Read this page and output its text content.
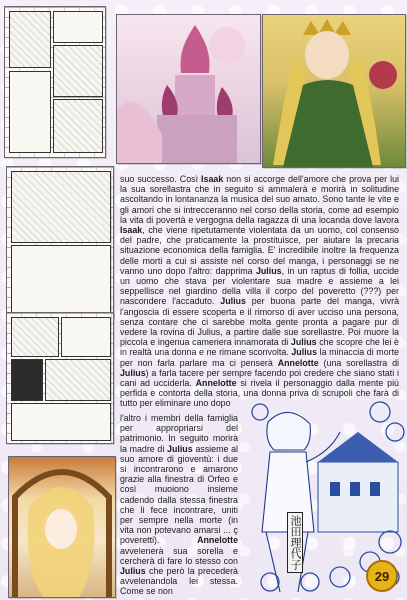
suo successo. Così Isaak non si accorge dell'amore che prova per lui la sua sorellastra che in seguito si ammalerà e morirà in solitudine ascoltando in lontananza la musica del suo amato. Sono tante le vite e gli amori che si intrecceranno nel corso della storia, come ad esempio la vita di povertà e vergogna della ragazza di una locanda dove lavora Isaak, che viene ripetutamente violentata da un uomo, col consenso del padre, che praticamente la prostituisce, per aiutare la precaria situazione economica della famiglia. E' incredibile inoltre la frequenza delle morti a cui si assiste nel corso del manga, i personaggi se ne vanno uno dopo l'altro: dapprima Julius, in un raptus di follia, uccide un uomo che stava per violentare sua madre e assieme a lei seppellisce nel giardino della villa il corpo del poveretto (???) per nascondere l'accaduto. Julius per buona parte del manga, vivrà l'angoscia di essere scoperta e il rimorso di aver ucciso una persona, senza contare che ci sarebbe molta gente pronta a pagare pur di vedere la rovina di Julius, a partire dalle sue sorellastre. Poi muore la piccola e ingenua cameriera innamorata di Julius che scopre che lei è in realtà una donna e ne rimane sconvolta. Julius la minaccia di morte per non farla parlare ma ci penserà Annelotte (una sorellastra di Julius) a farla tacere per sempre facendo poi credere che siano stati i cani ad ucciderla. Annelotte si rivela il personaggio dalla mente più perfida e contorta della storia, una donna priva di scrupoli che farà di tutto per eliminare uno dopo
l'altro i membri della famiglia per appropriarsi del patrimonio. In seguito morirà la madre di Julius assieme al suo amore di gioventù: i due si incontrarono e amarono grazie alla finestra di Orfeo e così muoiono insieme cadendo dalla stessa finestra che li fece incontrare, uniti per sempre nella morte (in vita non potevano amarsi ... ç poveretti). Annelotte avvelenerà sua sorella e cercherà di fare lo stesso con Julius che però la precederà avvelenandola lei stessa. Come se non
池田理代子
29
